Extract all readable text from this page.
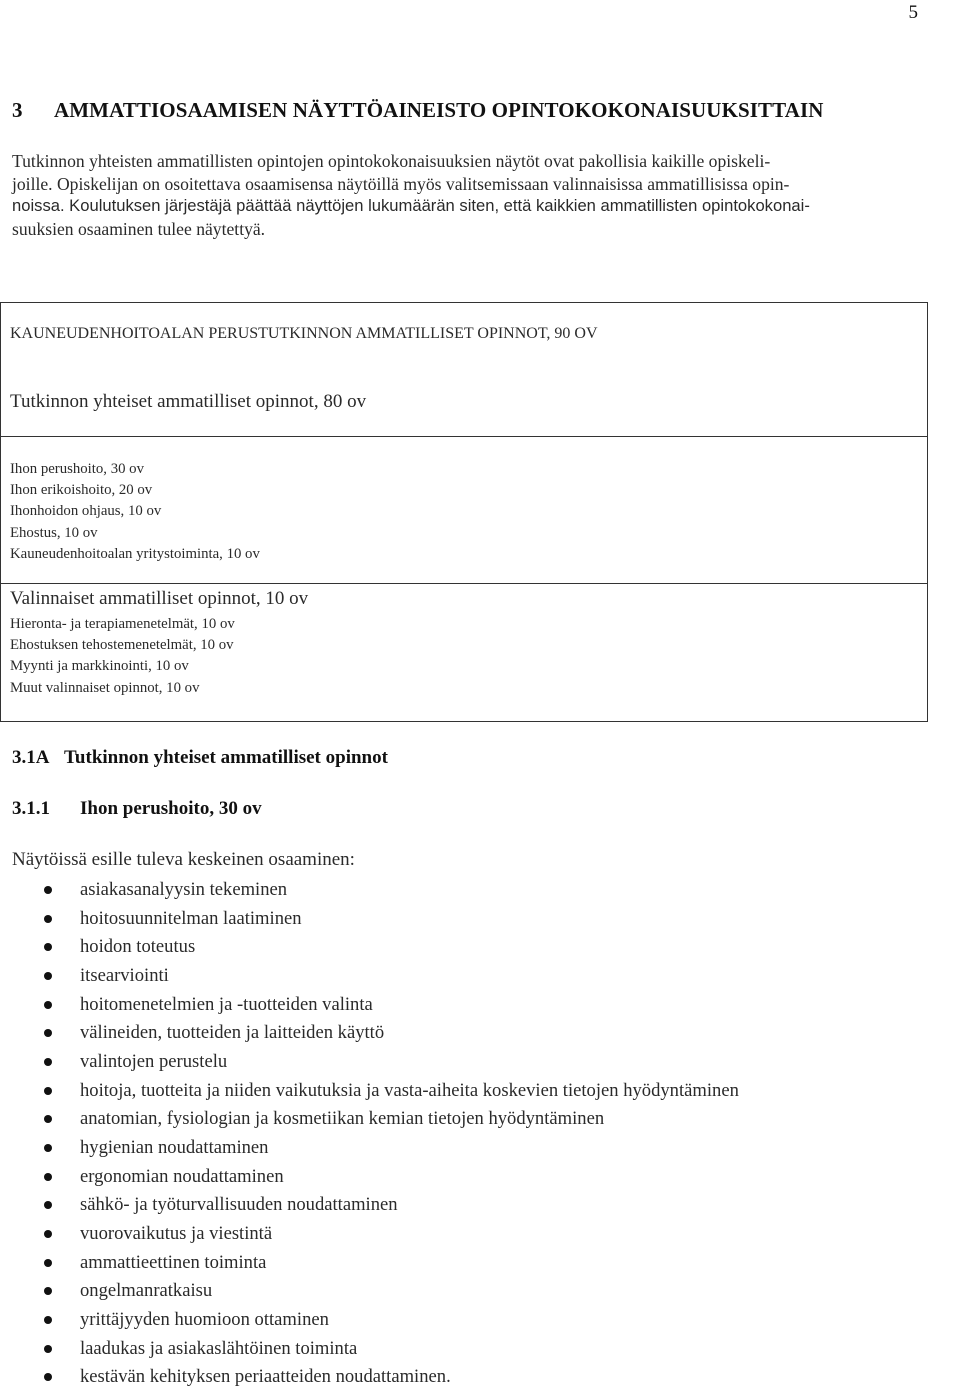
5
3 AMMATTIOSAAMISEN NÄYTTÖAINEISTO OPINTOKOKONAISUUKSITTAIN
Tutkinnon yhteisten ammatillisten opintojen opintokokonaisuuksien näytöt ovat pakollisia kaikille opiskeli-
joille. Opiskelijan on osoitettava osaamisensa näytöillä myös valitsemissaan valinnaisissa ammatillisissa opin-
noissa. Koulutuksen järjestäjä päättää näyttöjen lukumäärän siten, että kaikkien ammatillisten opintokokonai-
suuksien osaaminen tulee näytettyä.
KAUNEUDENHOITOALAN PERUSTUTKINNON AMMATILLISET OPINNOT, 90 OV
Tutkinnon yhteiset ammatilliset opinnot, 80 ov
Ihon perushoito, 30 ov
Ihon erikoishoito, 20 ov
Ihonhoidon ohjaus, 10 ov
Ehostus, 10 ov
Kauneudenhoitoalan yritystoiminta, 10 ov
Valinnaiset ammatilliset opinnot, 10 ov
Hieronta- ja terapiamenetelmät, 10 ov
Ehostuksen tehostemenetelmät, 10 ov
Myynti ja markkinointi, 10 ov
Muut valinnaiset opinnot, 10 ov
3.1A Tutkinnon yhteiset ammatilliset opinnot
3.1.1 Ihon perushoito, 30 ov
Näytöissä esille tuleva keskeinen osaaminen:
asiakasanalyysin tekeminen
hoitosuunnitelman laatiminen
hoidon toteutus
itsearviointi
hoitomenetelmien ja -tuotteiden valinta
välineiden, tuotteiden ja laitteiden käyttö
valintojen perustelu
hoitoja, tuotteita ja niiden vaikutuksia ja vasta-aiheita koskevien tietojen hyödyntäminen
anatomian, fysiologian ja kosmetiikan kemian tietojen hyödyntäminen
hygienian noudattaminen
ergonomian noudattaminen
sähkö- ja työturvallisuuden noudattaminen
vuorovaikutus ja viestintä
ammattieettinen toiminta
ongelmanratkaisu
yrittäjyyden huomioon ottaminen
laadukas ja asiakaslähtöinen toiminta
kestävän kehityksen periaatteiden noudattaminen.
